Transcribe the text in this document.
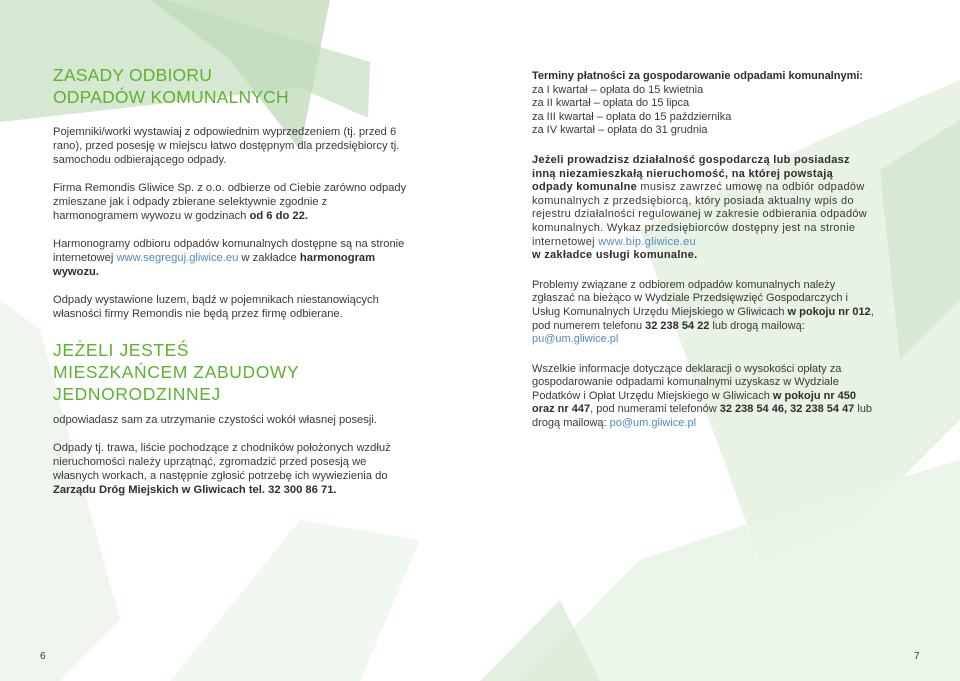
ZASADY ODBIORU
ODPADÓW KOMUNALNYCH

Pojemniki/worki wystawiaj z odpowiednim wyprzedzeniem (tj. przed 6 rano), przed posesję w miejscu łatwo dostępnym dla przedsiębiorcy tj. samochodu odbierającego odpady.

Firma Remondis Gliwice Sp. z o.o. odbierze od Ciebie zarówno odpady zmieszane jak i odpady zbierane selektywnie zgodnie z harmonogramem wywozu w godzinach od 6 do 22.

Harmonogramy odbioru odpadów komunalnych dostępne są na stronie internetowej www.segreguj.gliwice.eu w zakładce harmonogram wywozu.

Odpady wystawione luzem, bądź w pojemnikach niestanowiących własności firmy Remondis nie będą przez firmę odbierane.

JEŻELI JESTEŚ
MIESZKAŃCEM ZABUDOWY
JEDNORODZINNEJ

odpowiadasz sam za utrzymanie czystości wokół własnej posesji.

Odpady tj. trawa, liście pochodzące z chodników położonych wzdłuż nieruchomości należy uprzątnąć, zgromadzić przed posesją we własnych workach, a następnie zgłosić potrzebę ich wywiezienia do Zarządu Dróg Miejskich w Gliwicach tel. 32 300 86 71.

Terminy płatności za gospodarowanie odpadami komunalnymi:
za I kwartał – opłata do 15 kwietnia
za II kwartał – opłata do 15 lipca
za III kwartał – opłata do 15 października
za IV kwartał – opłata do 31 grudnia

Jeżeli prowadzisz działalność gospodarczą lub posiadasz inną niezamieszkałą nieruchomość, na której powstają odpady komunalne musisz zawrzeć umowę na odbiór odpadów komunalnych z przedsiębiorcą, który posiada aktualny wpis do rejestru działalności regulowanej w zakresie odbierania odpadów komunalnych. Wykaz przedsiębiorców dostępny jest na stronie internetowej www.bip.gliwice.eu
w zakładce usługi komunalne.

Problemy związane z odbiorem odpadów komunalnych należy zgłaszać na bieżąco w Wydziale Przedsięwzięć Gospodarczych i Usług Komunalnych Urzędu Miejskiego w Gliwicach w pokoju nr 012, pod numerem telefonu 32 238 54 22 lub drogą mailową: pu@um.gliwice.pl

Wszelkie informacje dotyczące deklaracji o wysokości opłaty za gospodarowanie odpadami komunalnymi uzyskasz w Wydziale Podatków i Opłat Urzędu Miejskiego w Gliwicach w pokoju nr 450 oraz nr 447, pod numerami telefonów 32 238 54 46, 32 238 54 47 lub drogą mailową: po@um.gliwice.pl

6	7
